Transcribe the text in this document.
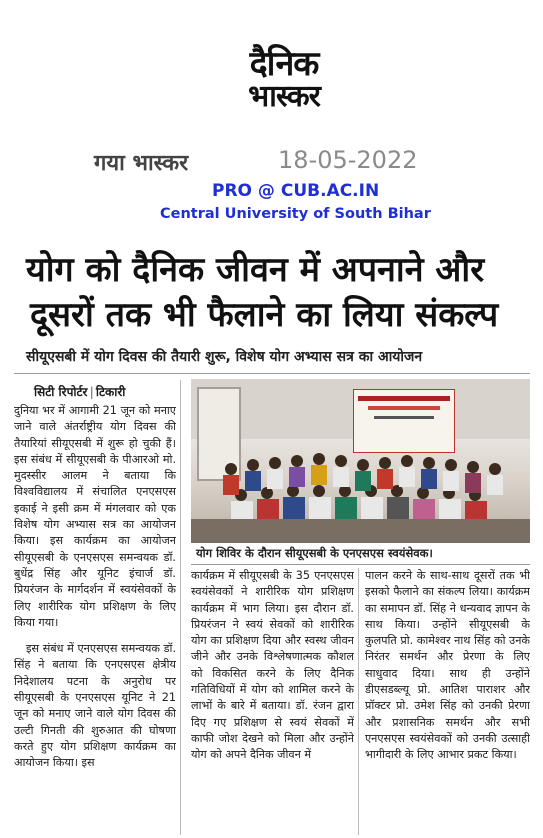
दैनिक
भास्कर
गया भास्कर	18-05-2022
PRO @ CUB.AC.IN
Central University of South Bihar
योग को दैनिक जीवन में अपनाने और
दूसरों तक भी फैलाने का लिया संकल्प
सीयूएसबी में योग दिवस की तैयारी शुरू, विशेष योग अभ्यास सत्र का आयोजन
सिटी रिपोर्टर | टिकारी
योग शिविर के दौरान सीयूएसबी के एनएसएस स्वयंसेवक।

दुनिया भर में आगामी 21 जून को मनाए जाने वाले अंतर्राष्ट्रीय योग दिवस की तैयारियां सीयूएसबी में शुरू हो चुकी हैं। इस संबंध में सीयूएसबी के पीआरओ मो. मुदस्सीर आलम ने बताया कि विश्वविद्यालय में संचालित एनएसएस इकाई ने इसी क्रम में मंगलवार को एक विशेष योग अभ्यास सत्र का आयोजन किया। इस कार्यक्रम का आयोजन सीयूएसबी के एनएसएस समन्वयक डॉ. बुधेंद्र सिंह और यूनिट इंचार्ज डॉ. प्रियरंजन के मार्गदर्शन में स्वयंसेवकों के लिए शारीरिक योग प्रशिक्षण के लिए किया गया।

इस संबंध में एनएसएस समन्वयक डॉ. सिंह ने बताया कि एनएसएस क्षेत्रीय निदेशालय पटना के अनुरोध पर सीयूएसबी के एनएसएस यूनिट ने 21 जून को मनाए जाने वाले योग दिवस की उल्टी गिनती की शुरुआत की घोषणा करते हुए योग प्रशिक्षण कार्यक्रम का आयोजन किया। इस

कार्यक्रम में सीयूएसबी के 35 एनएसएस स्वयंसेवकों ने शारीरिक योग प्रशिक्षण कार्यक्रम में भाग लिया। इस दौरान डॉ. प्रियरंजन ने स्वयं सेवकों को शारीरिक योग का प्रशिक्षण दिया और स्वस्थ जीवन जीने और उनके विश्लेषणात्मक कौशल को विकसित करने के लिए दैनिक गतिविधियों में योग को शामिल करने के लाभों के बारे में बताया। डॉ. रंजन द्वारा दिए गए प्रशिक्षण से स्वयं सेवकों में काफी जोश देखने को मिला और उन्होंने योग को अपने दैनिक जीवन में

पालन करने के साथ-साथ दूसरों तक भी इसको फैलाने का संकल्प लिया। कार्यक्रम का समापन डॉ. सिंह ने धन्यवाद ज्ञापन के साथ किया। उन्होंने सीयूएसबी के कुलपति प्रो. कामेश्वर नाथ सिंह को उनके निरंतर समर्थन और प्रेरणा के लिए साधुवाद दिया। साथ ही उन्होंने डीएसडब्ल्यू प्रो. आतिश पाराशर और प्रॉक्टर प्रो. उमेश सिंह को उनकी प्रेरणा और प्रशासनिक समर्थन और सभी एनएसएस स्वयंसेवकों को उनकी उत्साही भागीदारी के लिए आभार प्रकट किया।
